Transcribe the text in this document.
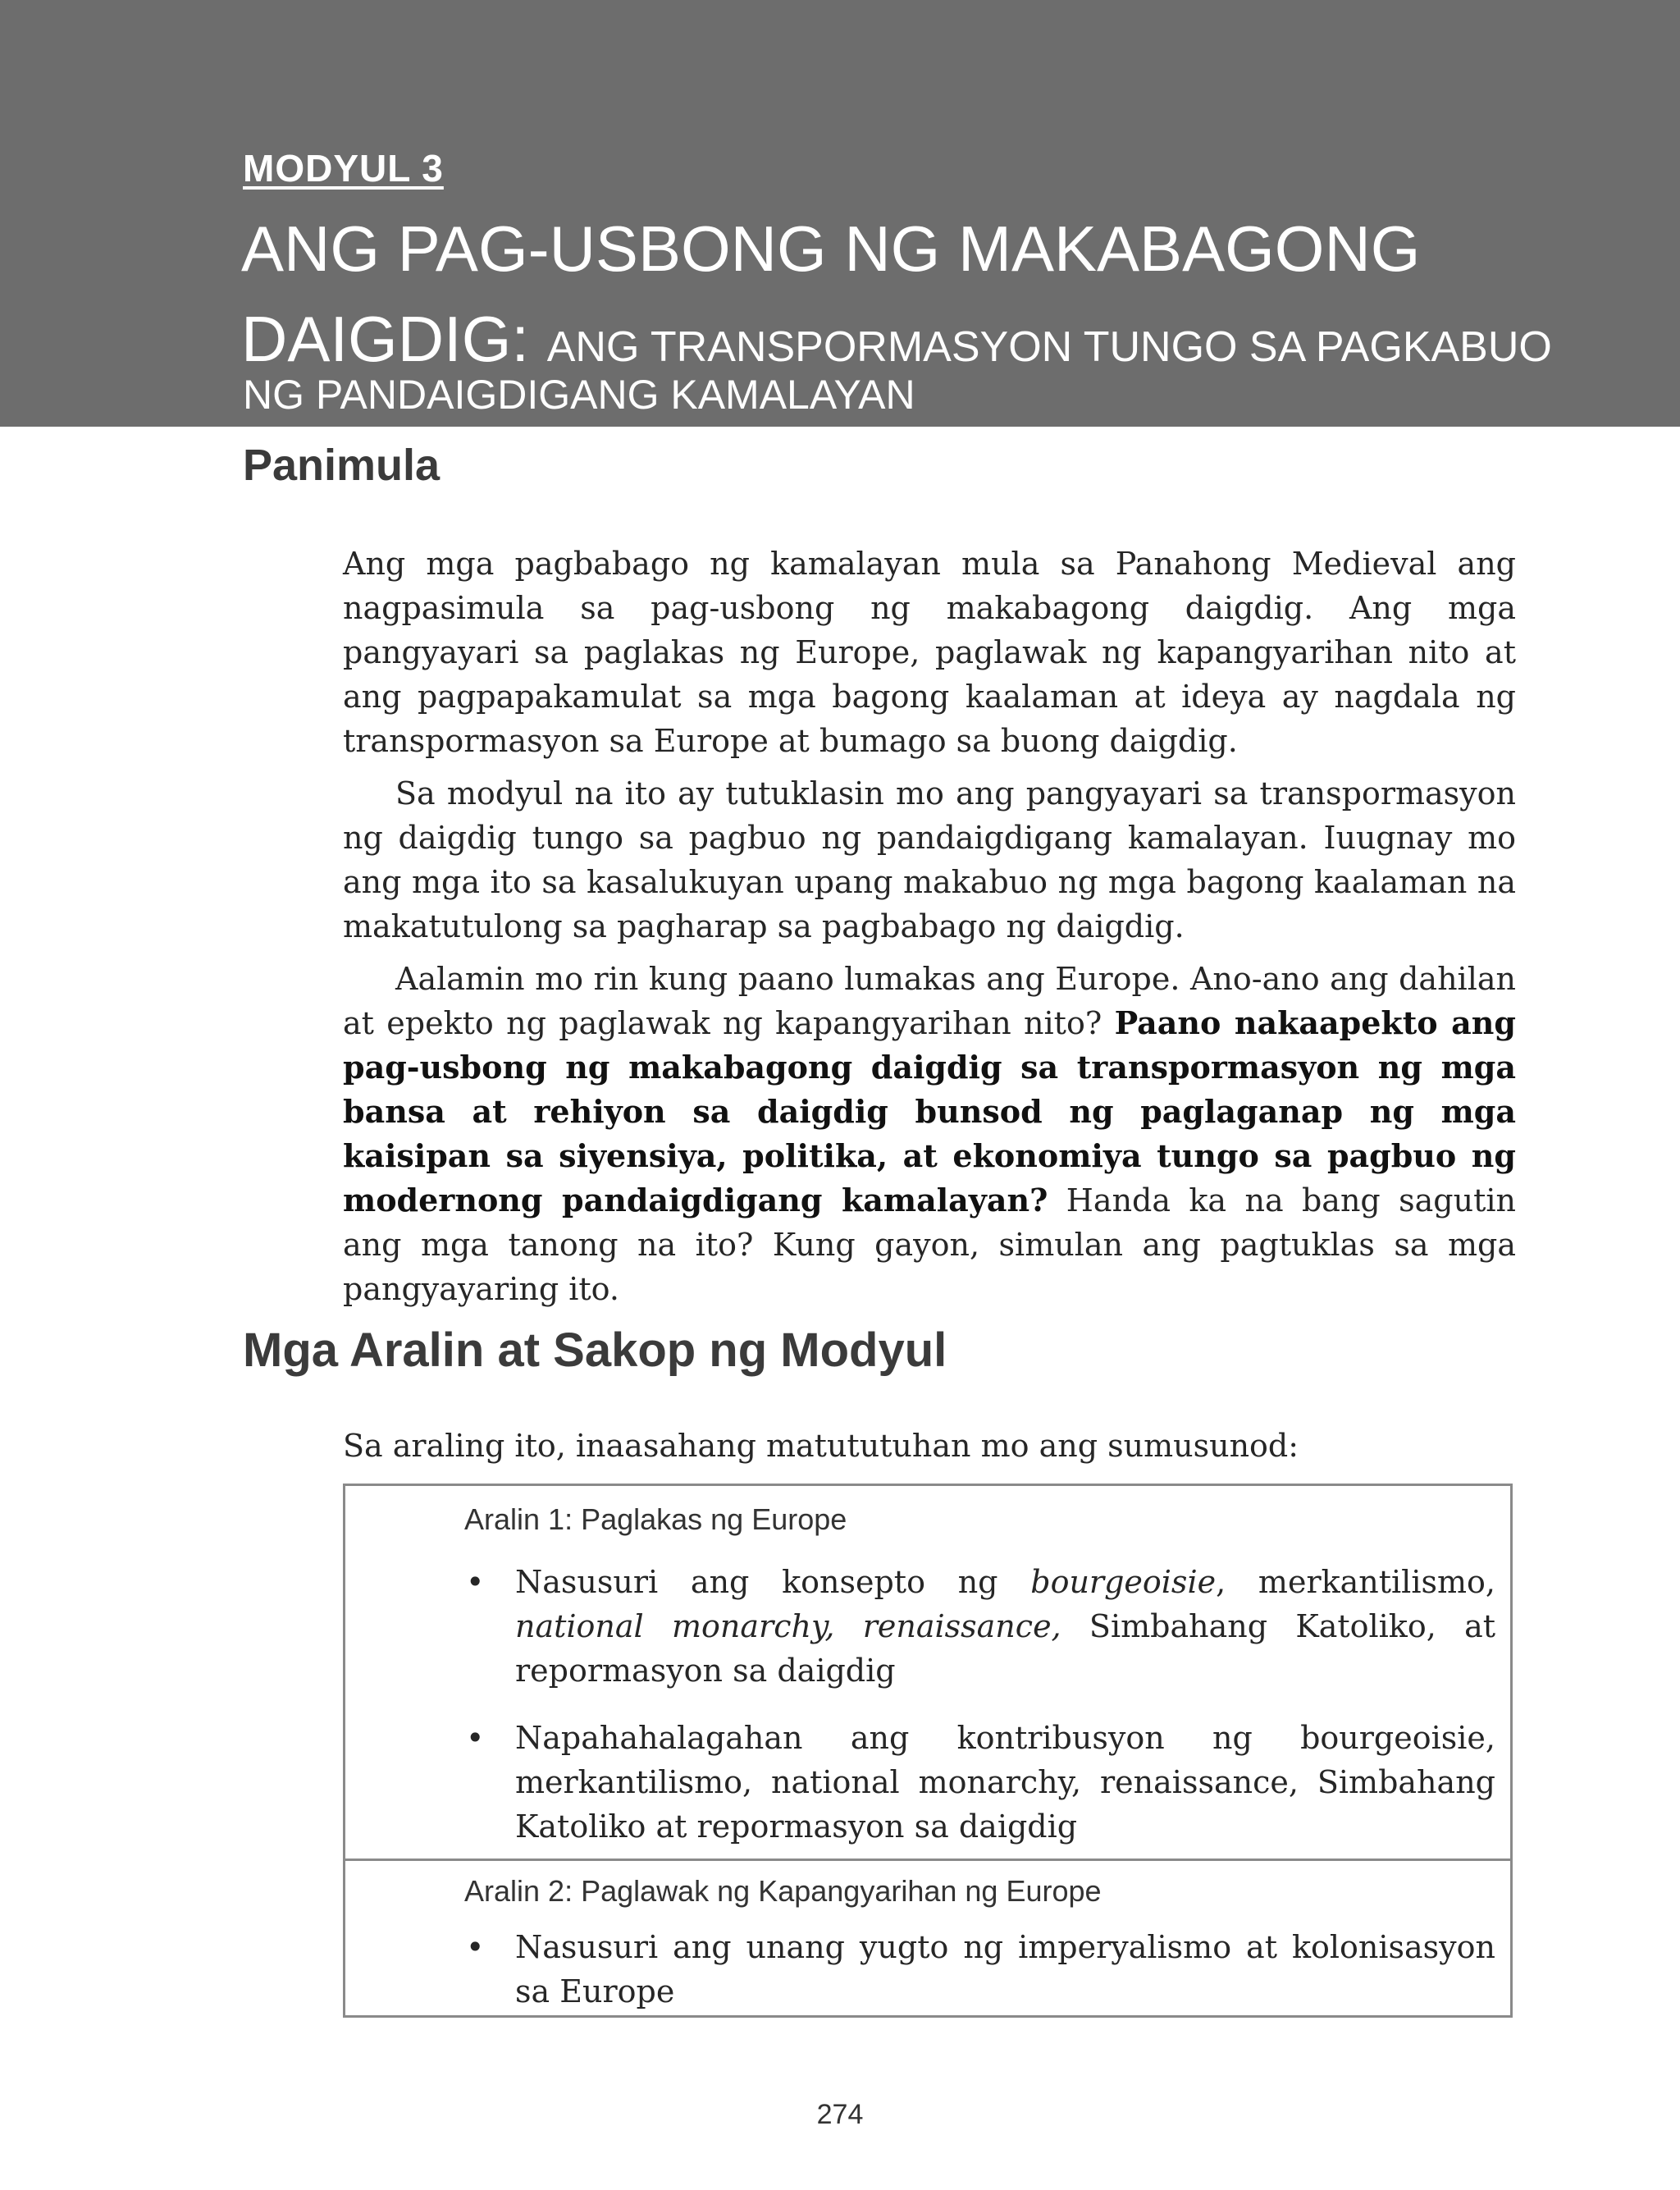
MODYUL 3
ANG PAG-USBONG NG MAKABAGONG
DAIGDIG: ANG TRANSPORMASYON TUNGO SA PAGKABUO
NG PANDAIGDIGANG KAMALAYAN
Panimula

Ang mga pagbabago ng kamalayan mula sa Panahong Medieval ang nagpasimula sa pag-usbong ng makabagong daigdig. Ang mga pangyayari sa paglakas ng Europe, paglawak ng kapangyarihan nito at ang pagpapakamulat sa mga bagong kaalaman at ideya ay nagdala ng transpormasyon sa Europe at bumago sa buong daigdig.

Sa modyul na ito ay tutuklasin mo ang pangyayari sa transpormasyon ng daigdig tungo sa pagbuo ng pandaigdigang kamalayan. Iuugnay mo ang mga ito sa kasalukuyan upang makabuo ng mga bagong kaalaman na makatutulong sa pagharap sa pagbabago ng daigdig.

Aalamin mo rin kung paano lumakas ang Europe. Ano-ano ang dahilan at epekto ng paglawak ng kapangyarihan nito? Paano nakaapekto ang pag-usbong ng makabagong daigdig sa transpormasyon ng mga bansa at rehiyon sa daigdig bunsod ng paglaganap ng mga kaisipan sa siyensiya, politika, at ekonomiya tungo sa pagbuo ng modernong pandaigdigang kamalayan? Handa ka na bang sagutin ang mga tanong na ito? Kung gayon, simulan ang pagtuklas sa mga pangyayaring ito.

Mga Aralin at Sakop ng Modyul
Sa araling ito, inaasahang matututuhan mo ang sumusunod:
Aralin 1: Paglakas ng Europe
• Nasusuri ang konsepto ng bourgeoisie, merkantilismo, national monarchy, renaissance, Simbahang Katoliko, at repormasyon sa daigdig
• Napahahalagahan ang kontribusyon ng bourgeoisie, merkantilismo, national monarchy, renaissance, Simbahang Katoliko at repormasyon sa daigdig
Aralin 2: Paglawak ng Kapangyarihan ng Europe
• Nasusuri ang unang yugto ng imperyalismo at kolonisasyon sa Europe
274
